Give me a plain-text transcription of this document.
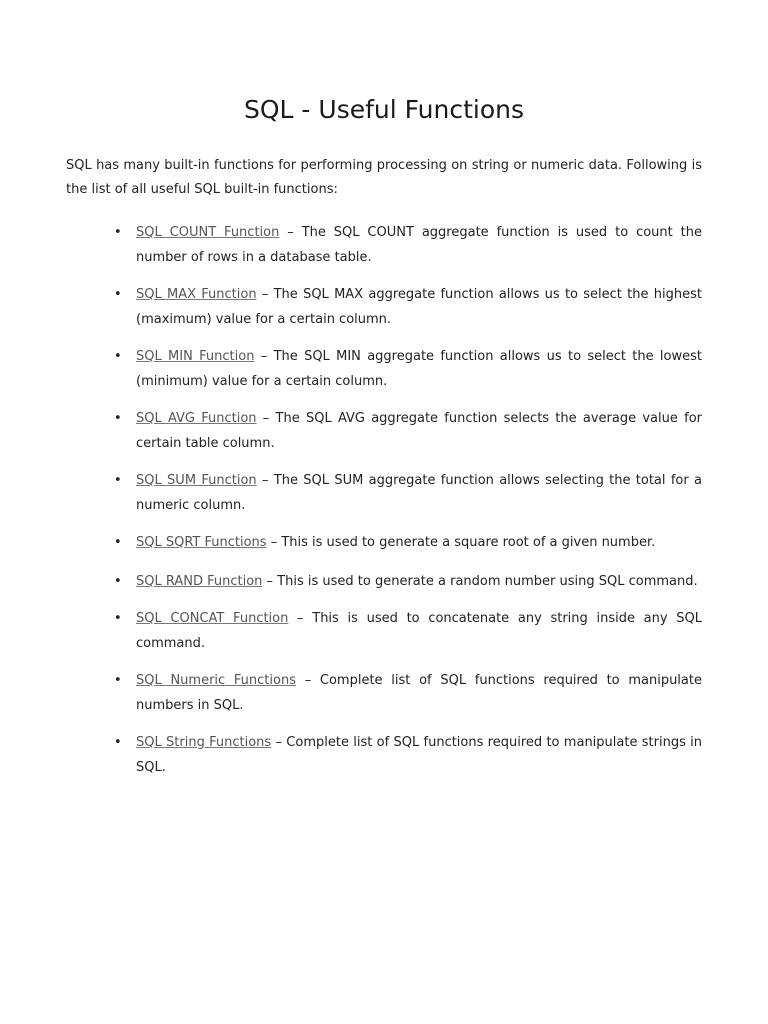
SQL - Useful Functions

SQL has many built-in functions for performing processing on string or numeric data. Following is the list of all useful SQL built-in functions:

• SQL COUNT Function – The SQL COUNT aggregate function is used to count the number of rows in a database table.
• SQL MAX Function – The SQL MAX aggregate function allows us to select the highest (maximum) value for a certain column.
• SQL MIN Function – The SQL MIN aggregate function allows us to select the lowest (minimum) value for a certain column.
• SQL AVG Function – The SQL AVG aggregate function selects the average value for certain table column.
• SQL SUM Function – The SQL SUM aggregate function allows selecting the total for a numeric column.
• SQL SQRT Functions – This is used to generate a square root of a given number.
• SQL RAND Function – This is used to generate a random number using SQL command.
• SQL CONCAT Function – This is used to concatenate any string inside any SQL command.
• SQL Numeric Functions – Complete list of SQL functions required to manipulate numbers in SQL.
• SQL String Functions – Complete list of SQL functions required to manipulate strings in SQL.
